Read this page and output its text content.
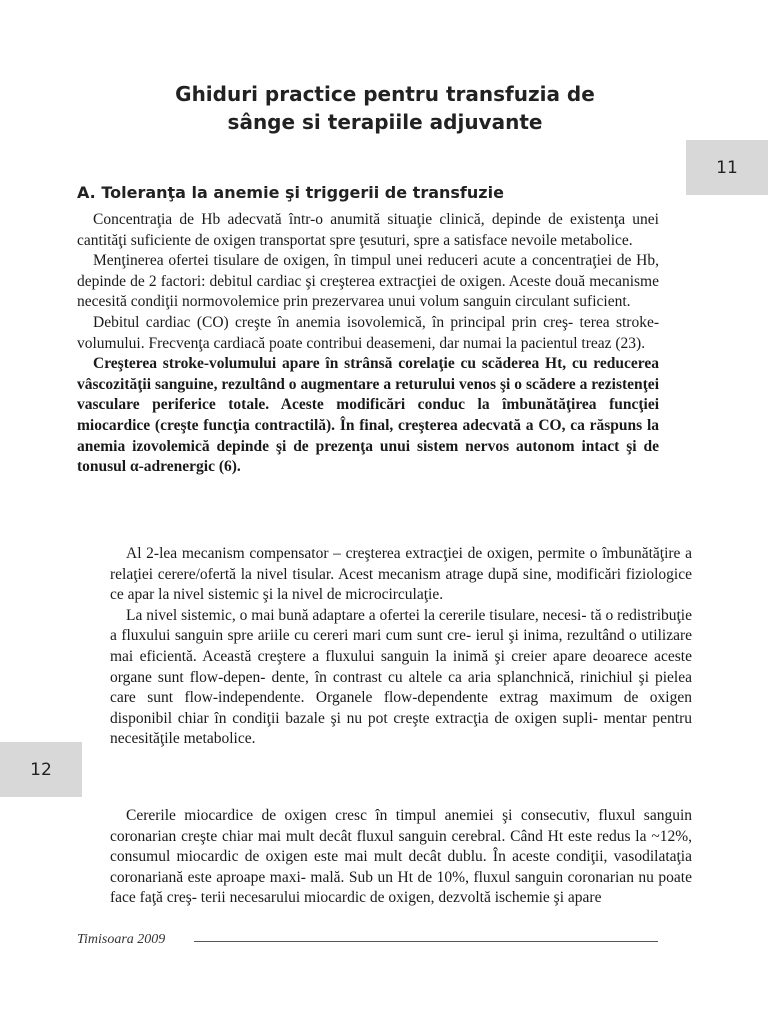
Ghiduri practice pentru transfuzia de
sânge si terapiile adjuvante
11
A. Toleranţa la anemie şi triggerii de transfuzie

Concentraţia de Hb adecvată într-o anumită situaţie clinică, depinde de existenţa unei cantităţi suficiente de oxigen transportat spre ţesuturi, spre a satisface nevoile metabolice.

Menţinerea ofertei tisulare de oxigen, în timpul unei reduceri acute a concentraţiei de Hb, depinde de 2 factori: debitul cardiac şi creşterea extracţiei de oxigen. Aceste două mecanisme necesită condiţii normovolemice prin prezervarea unui volum sanguin circulant suficient.

Debitul cardiac (CO) creşte în anemia isovolemică, în principal prin creş- terea stroke-volumului. Frecvenţa cardiacă poate contribui deasemeni, dar numai la pacientul treaz (23).

Creşterea stroke-volumului apare în strânsă corelaţie cu scăderea Ht, cu reducerea vâscozităţii sanguine, rezultând o augmentare a returului venos şi o scădere a rezistenţei vasculare periferice totale. Aceste modificări conduc la îmbunătăţirea funcţiei miocardice (creşte funcţia contractilă). În final, creşterea adecvată a CO, ca răspuns la anemia izovolemică depinde şi de prezenţa unui sistem nervos autonom intact şi de tonusul α-adrenergic (6).

Al 2-lea mecanism compensator – creşterea extracţiei de oxigen, permite o îmbunătăţire a relaţiei cerere/ofertă la nivel tisular. Acest mecanism atrage după sine, modificări fiziologice ce apar la nivel sistemic şi la nivel de microcirculaţie.

La nivel sistemic, o mai bună adaptare a ofertei la cererile tisulare, necesi- tă o redistribuţie a fluxului sanguin spre ariile cu cereri mari cum sunt cre- ierul şi inima, rezultând o utilizare mai eficientă. Această creştere a fluxului sanguin la inimă şi creier apare deoarece aceste organe sunt flow-depen- dente, în contrast cu altele ca aria splanchnică, rinichiul şi pielea care sunt flow-independente. Organele flow-dependente extrag maximum de oxigen disponibil chiar în condiţii bazale şi nu pot creşte extracţia de oxigen supli- mentar pentru necesităţile metabolice.

12

Cererile miocardice de oxigen cresc în timpul anemiei şi consecutiv, fluxul sanguin coronarian creşte chiar mai mult decât fluxul sanguin cerebral. Când Ht este redus la ~12%, consumul miocardic de oxigen este mai mult decât dublu. În aceste condiţii, vasodilataţia coronariană este aproape maxi- mală. Sub un Ht de 10%, fluxul sanguin coronarian nu poate face faţă creş- terii necesarului miocardic de oxigen, dezvoltă ischemie şi apare

Timisoara 2009
